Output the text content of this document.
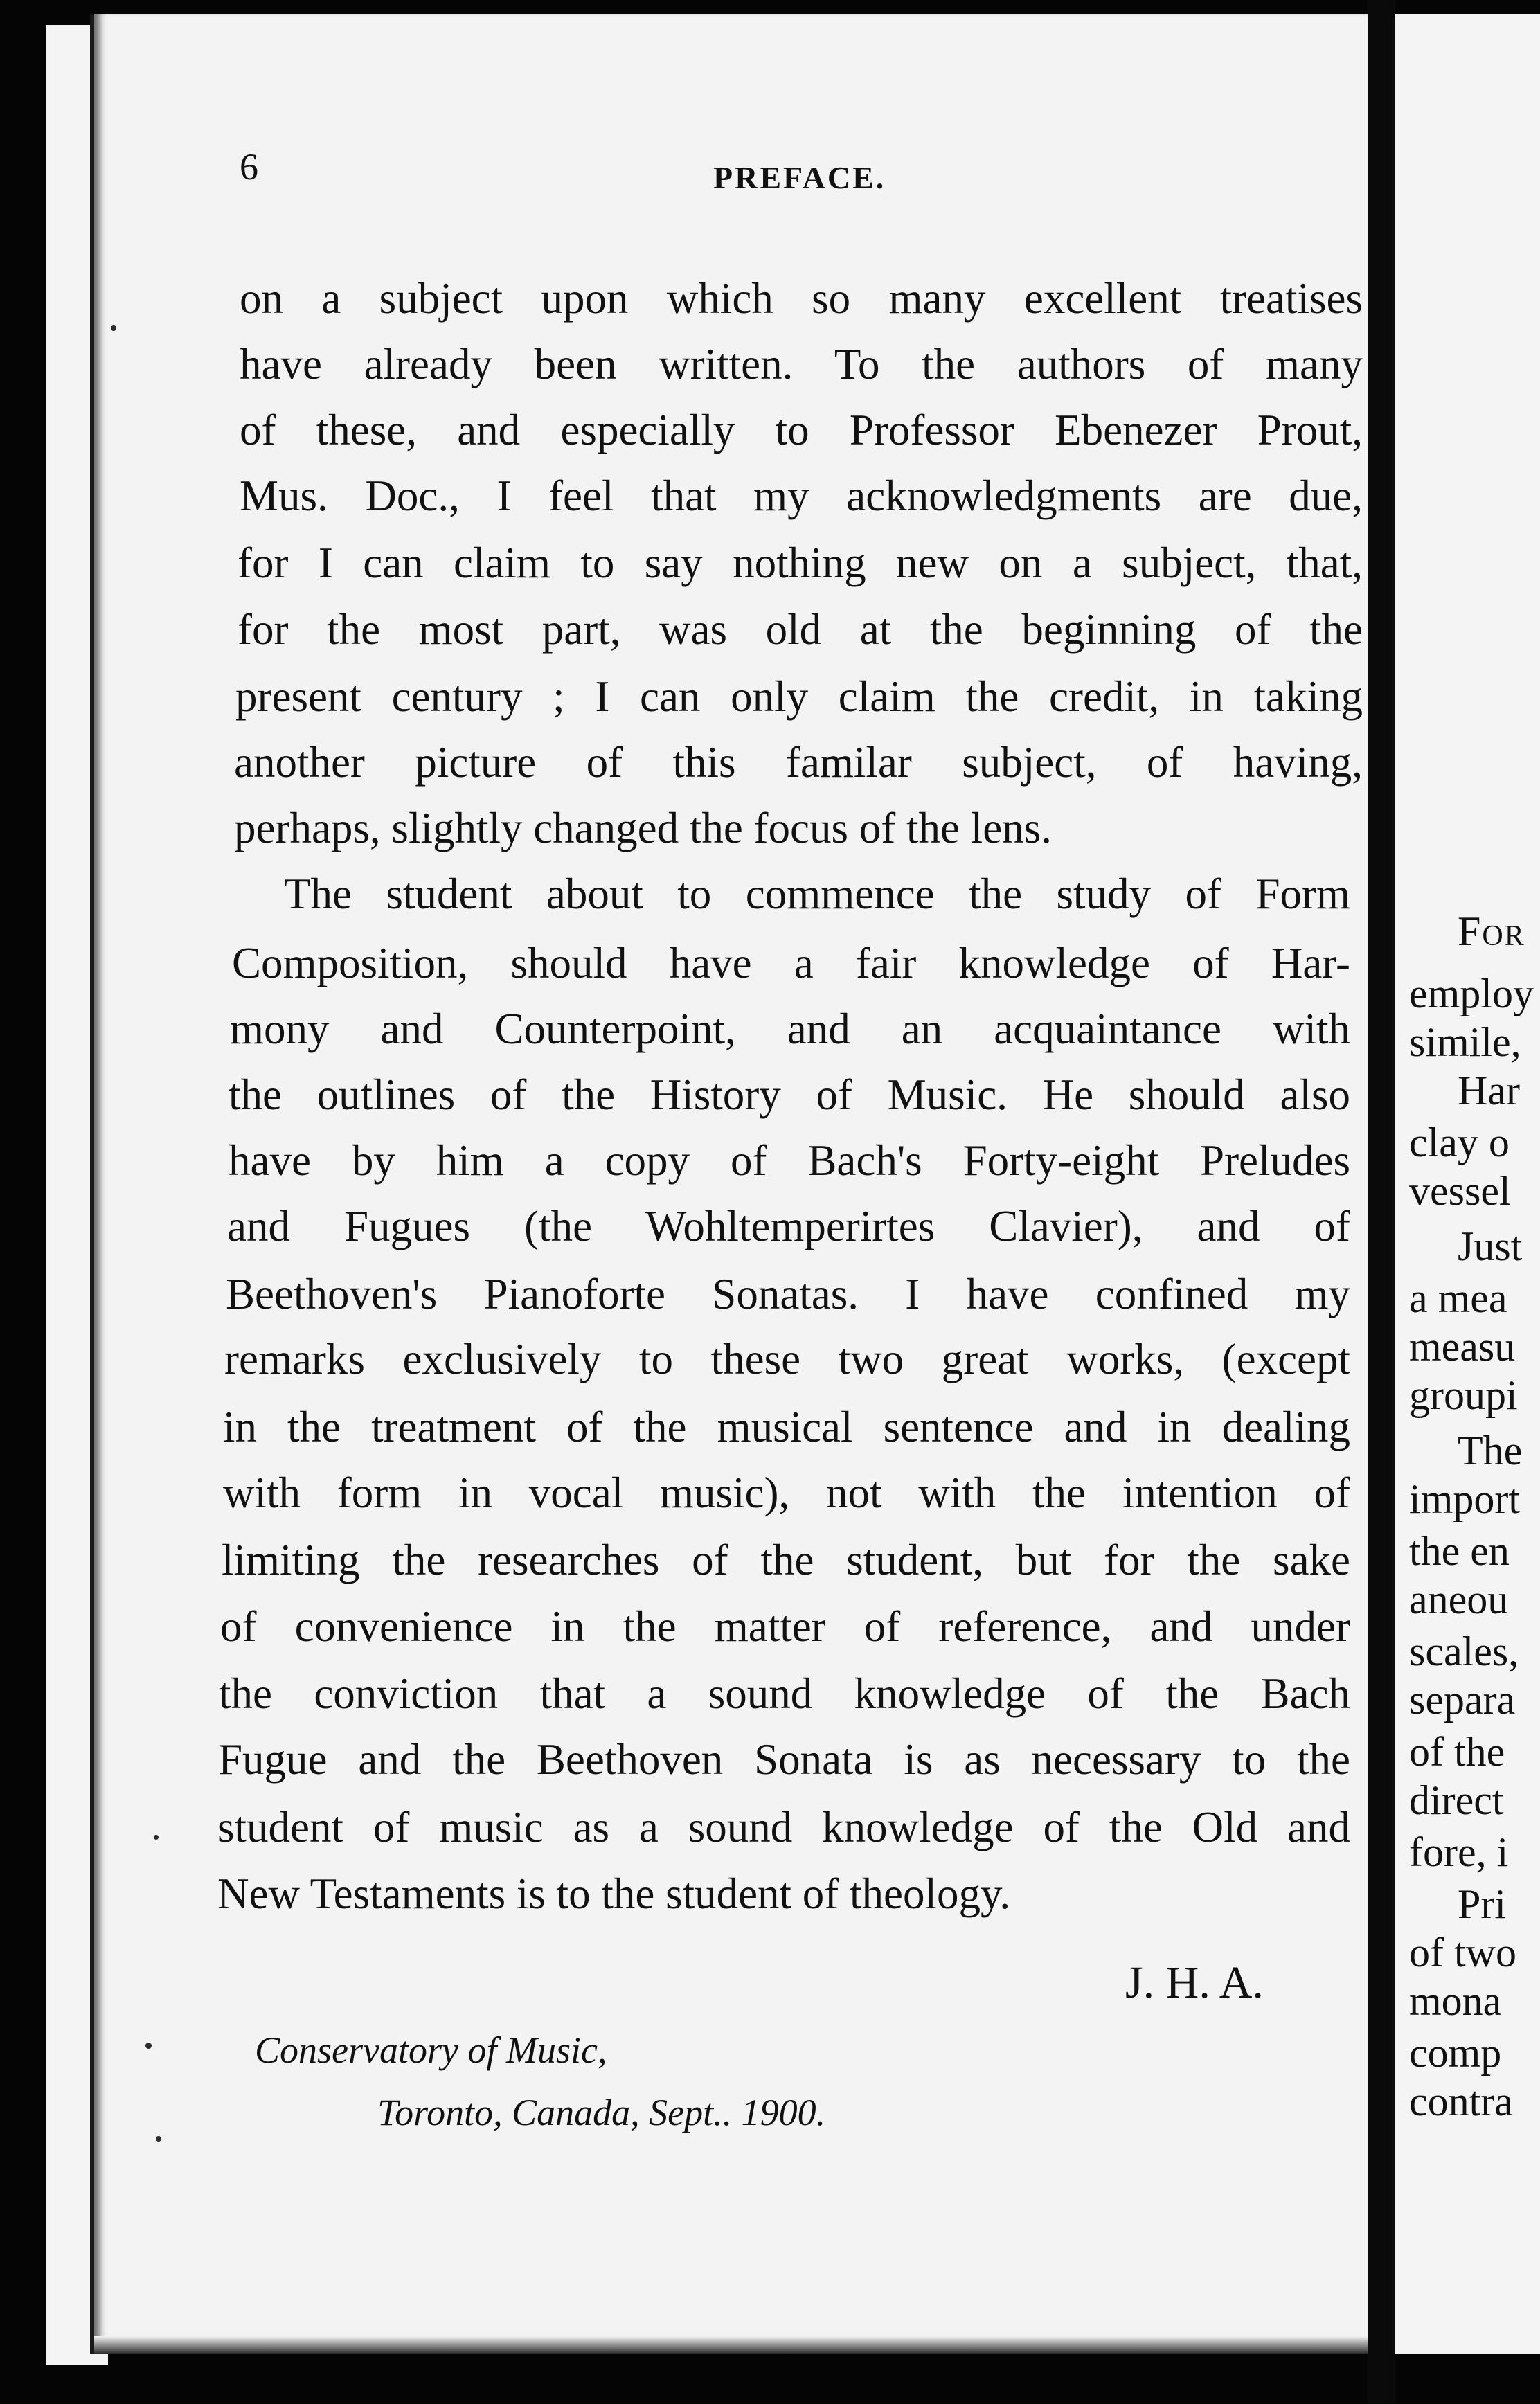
For
employ
simile,
Har
clay o
vessel
Just
a mea
measu
groupi
The
import
the en
aneou
scales,
separa
of the
direct
fore, i
Pri
of two
mona
comp
contra
6	PREFACE.
on a subject upon which so many excellent treatises
have already been written. To the authors of many
of these, and especially to Professor Ebenezer Prout,
Mus. Doc., I feel that my acknowledgments are due,
for I can claim to say nothing new on a subject, that,
for the most part, was old at the beginning of the
present century ; I can only claim the credit, in taking
another picture of this familar subject, of having,
perhaps, slightly changed the focus of the lens.
The student about to commence the study of Form
Composition, should have a fair knowledge of Har-
mony and Counterpoint, and an acquaintance with
the outlines of the History of Music. He should also
have by him a copy of Bach's Forty-eight Preludes
and Fugues (the Wohltemperirtes Clavier), and of
Beethoven's Pianoforte Sonatas. I have confined my
remarks exclusively to these two great works, (except
in the treatment of the musical sentence and in dealing
with form in vocal music), not with the intention of
limiting the researches of the student, but for the sake
of convenience in the matter of reference, and under
the conviction that a sound knowledge of the Bach
Fugue and the Beethoven Sonata is as necessary to the
student of music as a sound knowledge of the Old and
New Testaments is to the student of theology.
J. H. A.
Conservatory of Music,
Toronto, Canada, Sept.. 1900.
